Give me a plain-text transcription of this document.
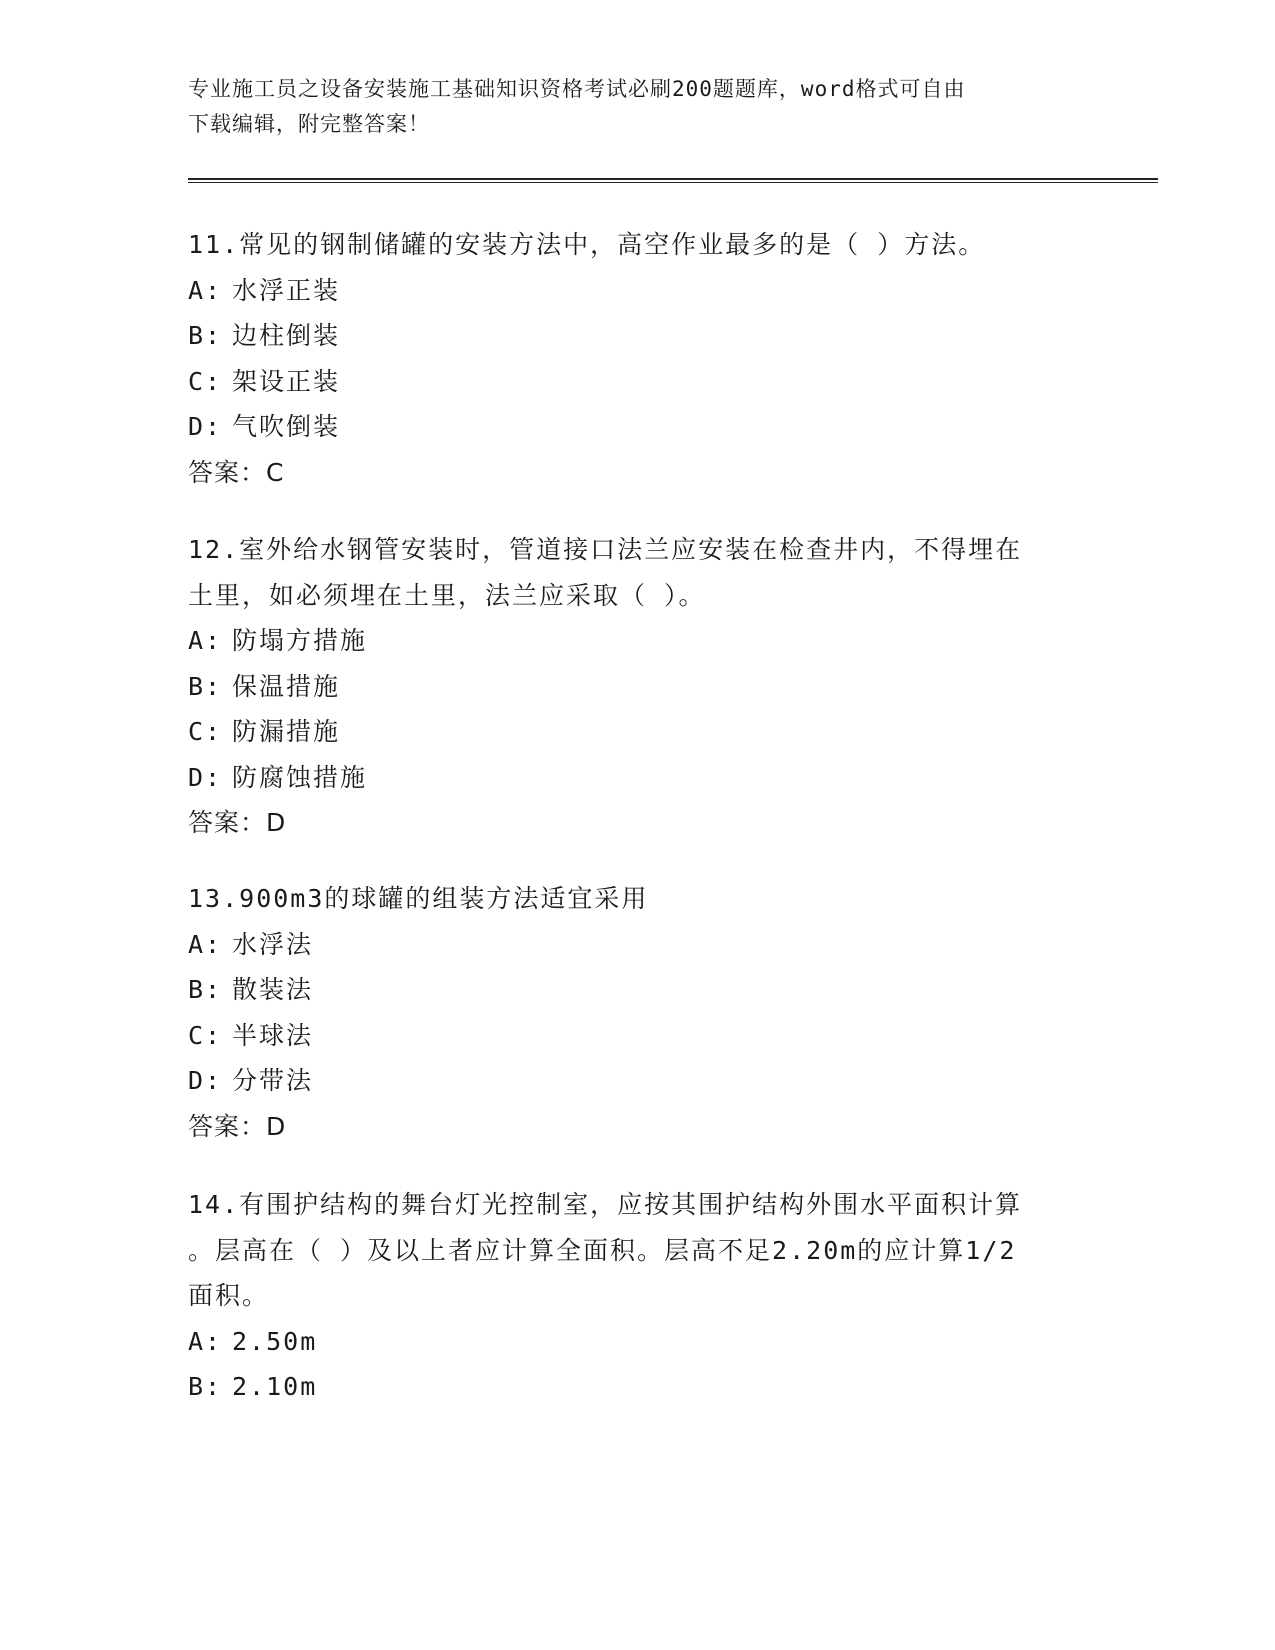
专业施工员之设备安装施工基础知识资格考试必刷200题题库，word格式可自由
下载编辑，附完整答案！
11.常见的钢制储罐的安装方法中，高空作业最多的是（ ）方法。
A: 水浮正装
B: 边柱倒装
C: 架设正装
D: 气吹倒装
答案：C
12.室外给水钢管安装时，管道接口法兰应安装在检查井内，不得埋在
土里，如必须埋在土里，法兰应采取（ ）。
A: 防塌方措施
B: 保温措施
C: 防漏措施
D: 防腐蚀措施
答案：D
13.900m3的球罐的组装方法适宜采用
A: 水浮法
B: 散装法
C: 半球法
D: 分带法
答案：D
14.有围护结构的舞台灯光控制室，应按其围护结构外围水平面积计算
。层高在（ ）及以上者应计算全面积。层高不足2.20m的应计算1/2
面积。
A: 2.50m
B: 2.10m
